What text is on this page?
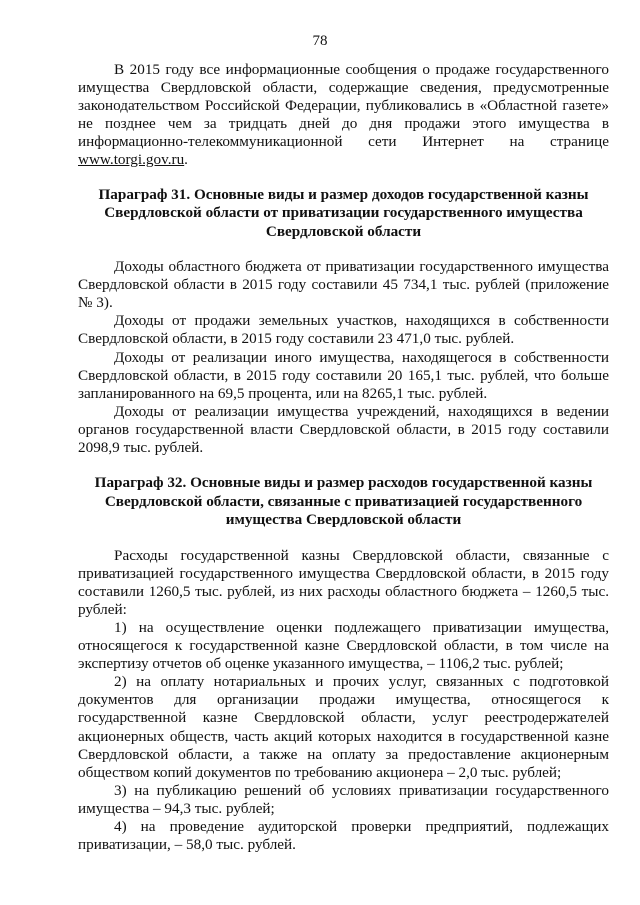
78

В 2015 году все информационные сообщения о продаже государственного имущества Свердловской области, содержащие сведения, предусмотренные законодательством Российской Федерации, публиковались в «Областной газете» не позднее чем за тридцать дней до дня продажи этого имущества в информационно-телекоммуникационной сети Интернет на странице www.torgi.gov.ru.

Параграф 31. Основные виды и размер доходов государственной казны Свердловской области от приватизации государственного имущества Свердловской области

Доходы областного бюджета от приватизации государственного имущества Свердловской области в 2015 году составили 45 734,1 тыс. рублей (приложение № 3).

Доходы от продажи земельных участков, находящихся в собственности Свердловской области, в 2015 году составили 23 471,0 тыс. рублей.

Доходы от реализации иного имущества, находящегося в собственности Свердловской области, в 2015 году составили 20 165,1 тыс. рублей, что больше запланированного на 69,5 процента, или на 8265,1 тыс. рублей.

Доходы от реализации имущества учреждений, находящихся в ведении органов государственной власти Свердловской области, в 2015 году составили 2098,9 тыс. рублей.

Параграф 32. Основные виды и размер расходов государственной казны Свердловской области, связанные с приватизацией государственного имущества Свердловской области

Расходы государственной казны Свердловской области, связанные с приватизацией государственного имущества Свердловской области, в 2015 году составили 1260,5 тыс. рублей, из них расходы областного бюджета – 1260,5 тыс. рублей:

1) на осуществление оценки подлежащего приватизации имущества, относящегося к государственной казне Свердловской области, в том числе на экспертизу отчетов об оценке указанного имущества, – 1106,2 тыс. рублей;

2) на оплату нотариальных и прочих услуг, связанных с подготовкой документов для организации продажи имущества, относящегося к государственной казне Свердловской области, услуг реестродержателей акционерных обществ, часть акций которых находится в государственной казне Свердловской области, а также на оплату за предоставление акционерным обществом копий документов по требованию акционера – 2,0 тыс. рублей;

3) на публикацию решений об условиях приватизации государственного имущества – 94,3 тыс. рублей;

4) на проведение аудиторской проверки предприятий, подлежащих приватизации, – 58,0 тыс. рублей.
